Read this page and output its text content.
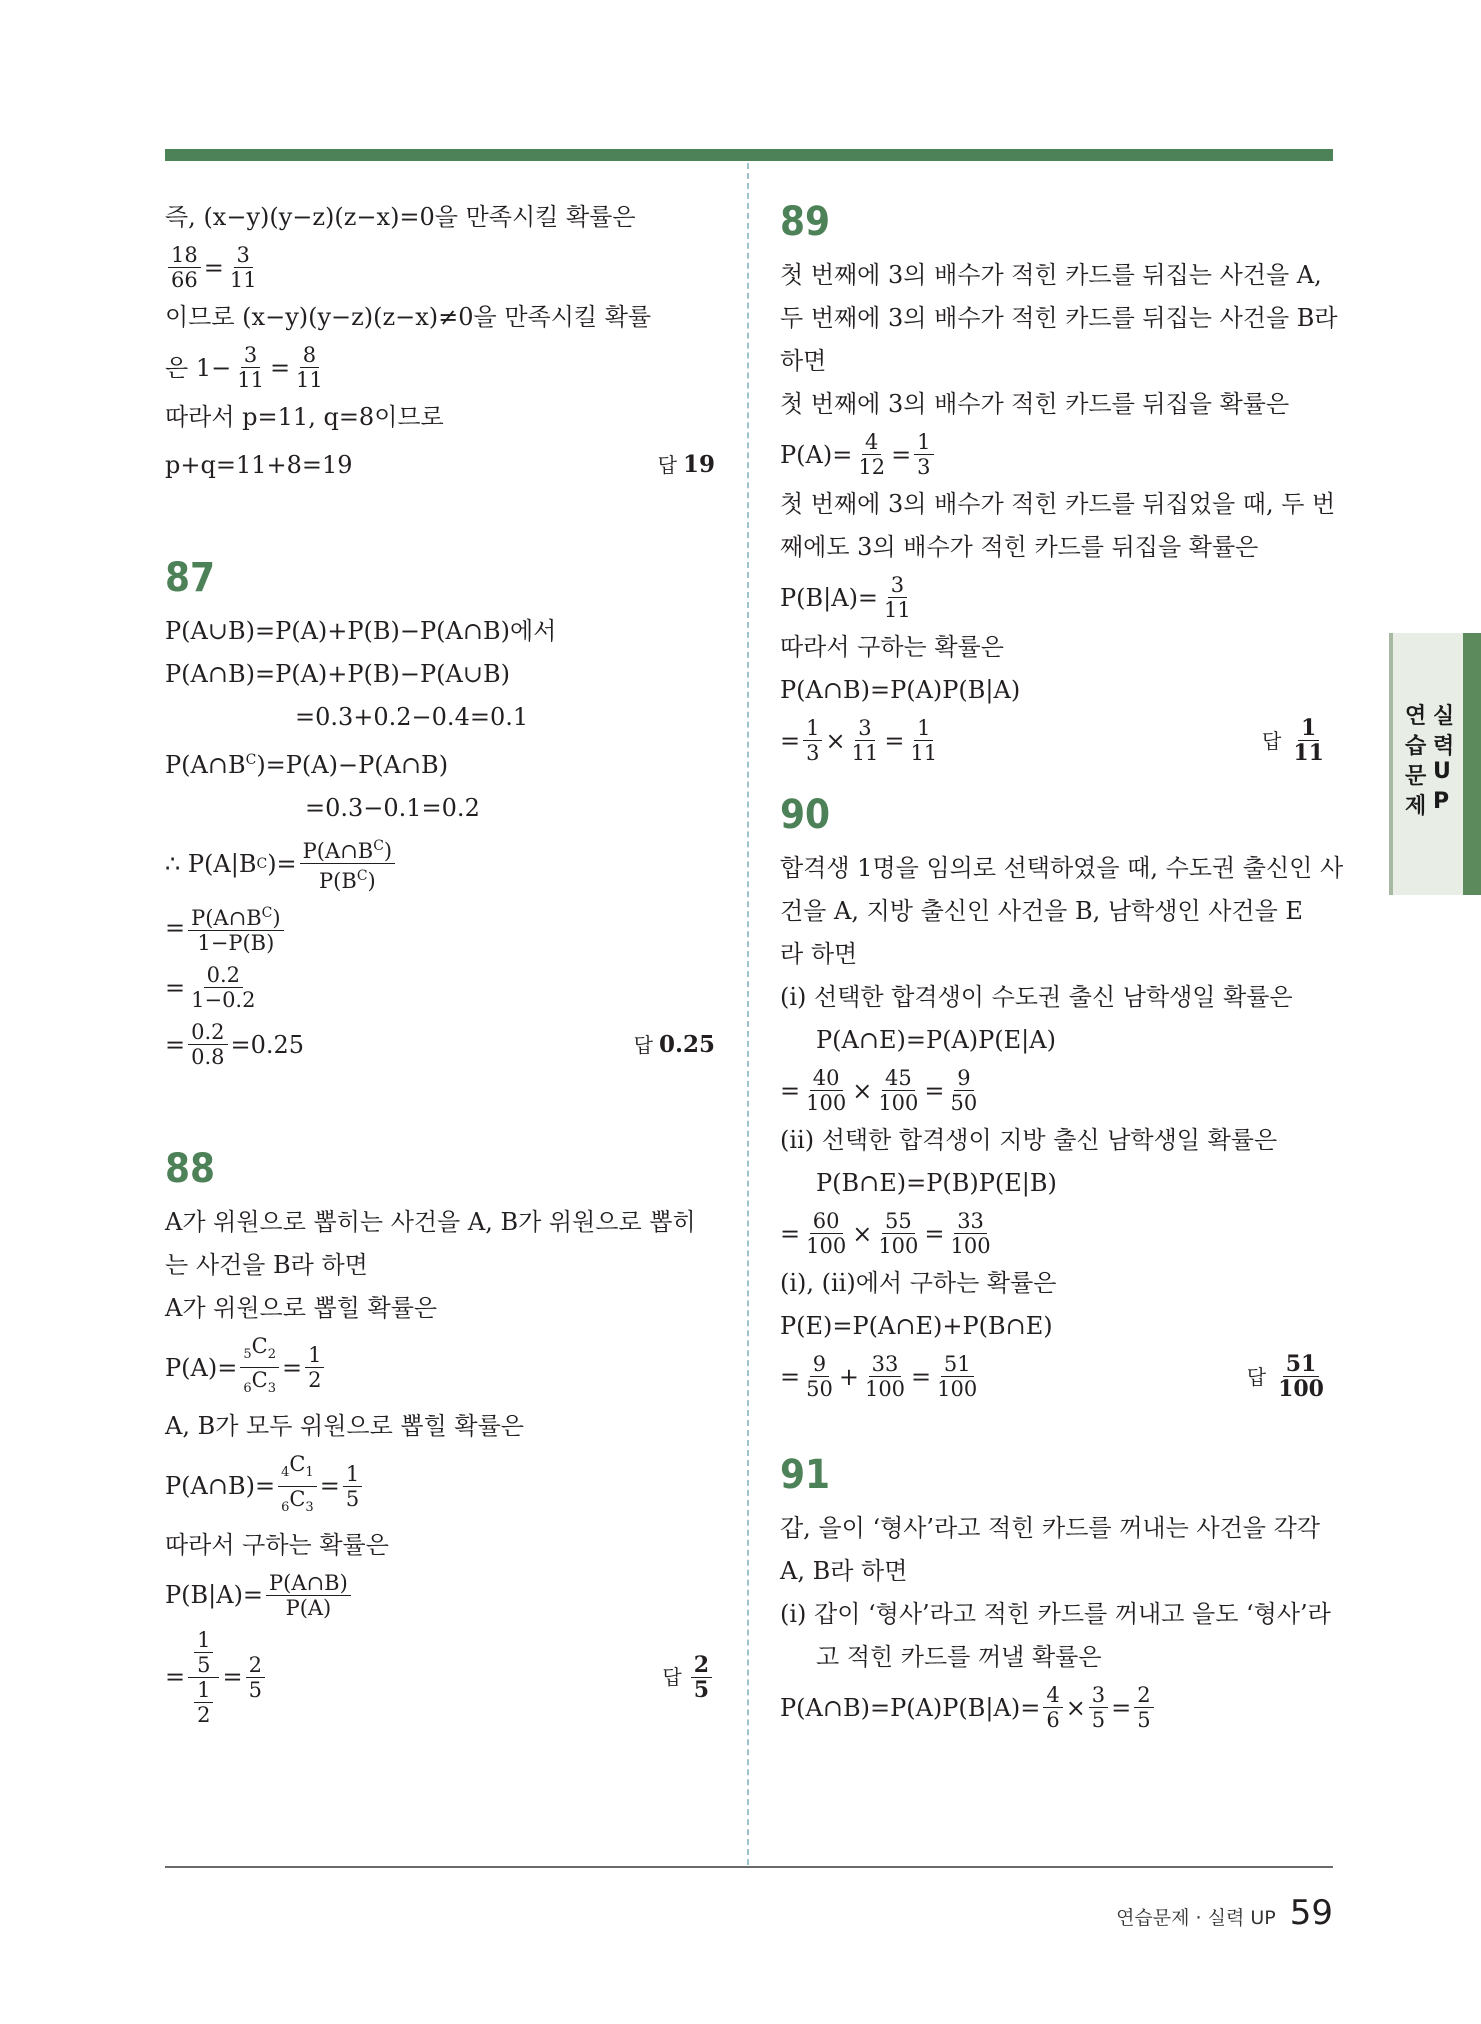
즉, (x−y)(y−z)(z−x)=0을 만족시킬 확률은
$\frac{18}{66} = \frac{3}{11}$
이므로 (x−y)(y−z)(z−x)≠0을 만족시킬 확률
은 $1- \frac{3}{11} = \frac{8}{11}$
따라서 p=11, q=8이므로
p+q=11+8=19	답 19
87
P(A∪B)=P(A)+P(B)−P(A∩B)에서
P(A∩B)=P(A)+P(B)−P(A∪B)
=0.3+0.2−0.4=0.1
$P(A\cap B^C)=P(A)-P(A\cap B)$
=0.3−0.1=0.2
∴ P(A|B C )= $\frac{P(A\cap B^C)}{P(B^C)}$
= $\frac{P(A\cap B^C)}{1-P(B)}$
= $\frac{0.2}{1-0.2}$
= $\frac{0.2}{0.8} =0.25$	답 0.25
88
A가 위원으로 뽑히는 사건을 A, B가 위원으로 뽑히
는 사건을 B라 하면
A가 위원으로 뽑힐 확률은
$P(A)= \frac{_5C_2}{_6C_3} = \frac{1}{2}$
A, B가 모두 위원으로 뽑힐 확률은
P(A∩B)= $\frac{_4C_1}{_6C_3} = \frac{1}{5}$
따라서 구하는 확률은
$P(B|A)= \frac{P(A\cap B)}{P(A)}$
= $\frac{\frac{1}{5}}{\frac{1}{2}} = \frac{2}{5}$	답 $\frac{2}{5}$
89
첫 번째에 3의 배수가 적힌 카드를 뒤집는 사건을 A,
두 번째에 3의 배수가 적힌 카드를 뒤집는 사건을 B라
하면
첫 번째에 3의 배수가 적힌 카드를 뒤집을 확률은
$P(A)= \frac{4}{12} = \frac{1}{3}$
첫 번째에 3의 배수가 적힌 카드를 뒤집었을 때, 두 번
째에도 3의 배수가 적힌 카드를 뒤집을 확률은
$P(B|A)= \frac{3}{11}$
따라서 구하는 확률은
P(A∩B)=P(A)P(B|A)
= $\frac{1}{3} \times \frac{3}{11} = \frac{1}{11}$	답 $\frac{1}{11}$
90
합격생 1명을 임의로 선택하였을 때, 수도권 출신인 사
건을 A, 지방 출신인 사건을 B, 남학생인 사건을 E
라 하면
(ⅰ) 선택한 합격생이 수도권 출신 남학생일 확률은
P(A∩E)=P(A)P(E|A)
= $\frac{40}{100} \times \frac{45}{100} = \frac{9}{50}$
(ⅱ) 선택한 합격생이 지방 출신 남학생일 확률은
P(B∩E)=P(B)P(E|B)
= $\frac{60}{100} \times \frac{55}{100} = \frac{33}{100}$
(ⅰ), (ⅱ)에서 구하는 확률은
P(E)=P(A∩E)+P(B∩E)
= $\frac{9}{50} + \frac{33}{100} = \frac{51}{100}$	답 $\frac{51}{100}$
91
갑, 을이 ‘형사’라고 적힌 카드를 꺼내는 사건을 각각
A, B라 하면
(ⅰ) 갑이 ‘형사’라고 적힌 카드를 꺼내고 을도 ‘형사’라
고 적힌 카드를 꺼낼 확률은
P(A∩B)=P(A)P(B|A)= $\frac{4}{6} \times \frac{3}{5} = \frac{2}{5}$
연 실
습 력
문 U
제 P
연습문제 · 실력 UP 59
